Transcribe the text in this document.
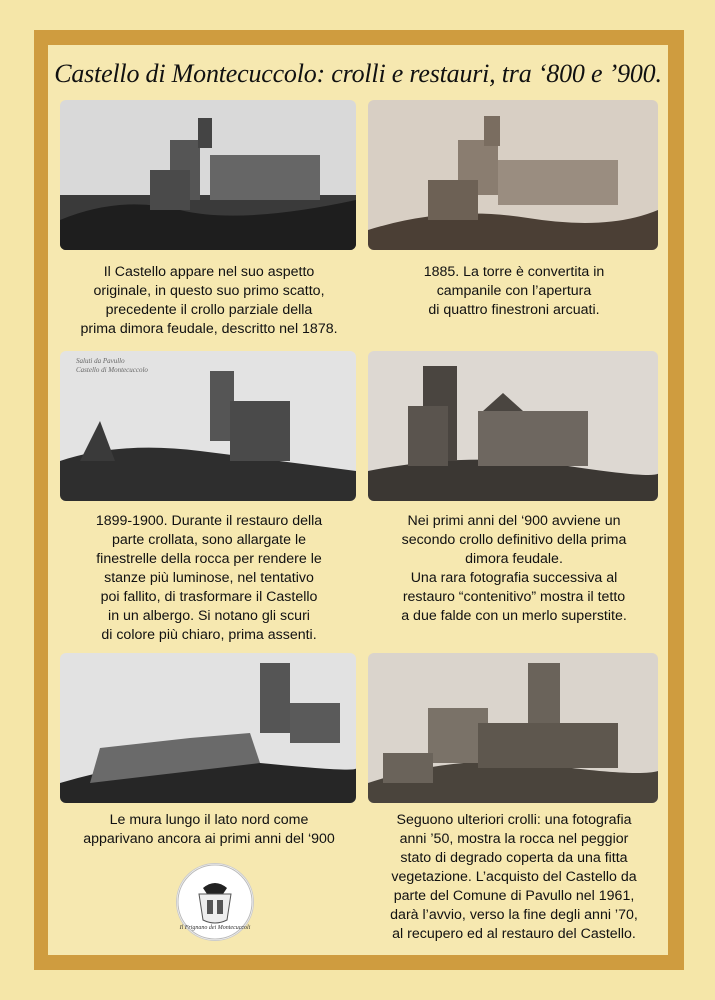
Castello di Montecuccolo: crolli e restauri, tra ‘800 e ’900.
Il Castello appare nel suo aspetto
originale, in questo suo primo scatto,
precedente il crollo parziale della
prima dimora feudale, descritto nel 1878.
1885. La torre è convertita in
campanile con l’apertura
di quattro finestroni arcuati.
Saluti da Pavullo
Castello di Montecuccolo
1899-1900. Durante il restauro della
parte crollata, sono allargate le
finestrelle della rocca per rendere le
stanze più luminose, nel tentativo
poi fallito, di trasformare il Castello
in un albergo. Si notano gli scuri
di colore più chiaro, prima assenti.
Nei primi anni del ‘900 avviene un
secondo crollo definitivo della prima
dimora feudale.
Una rara fotografia successiva al
restauro “contenitivo” mostra il tetto
a due falde con un merlo superstite.
Le mura lungo il lato nord come
apparivano ancora ai primi anni del ‘900
Seguono ulteriori crolli: una fotografia
anni ’50, mostra la rocca nel peggior
stato di degrado coperta da una fitta
vegetazione. L’acquisto del Castello da
parte del Comune di Pavullo nel 1961,
darà l’avvio, verso la fine degli anni ’70,
al recupero ed al restauro del Castello.
Il Frignano dei Montecuccoli
